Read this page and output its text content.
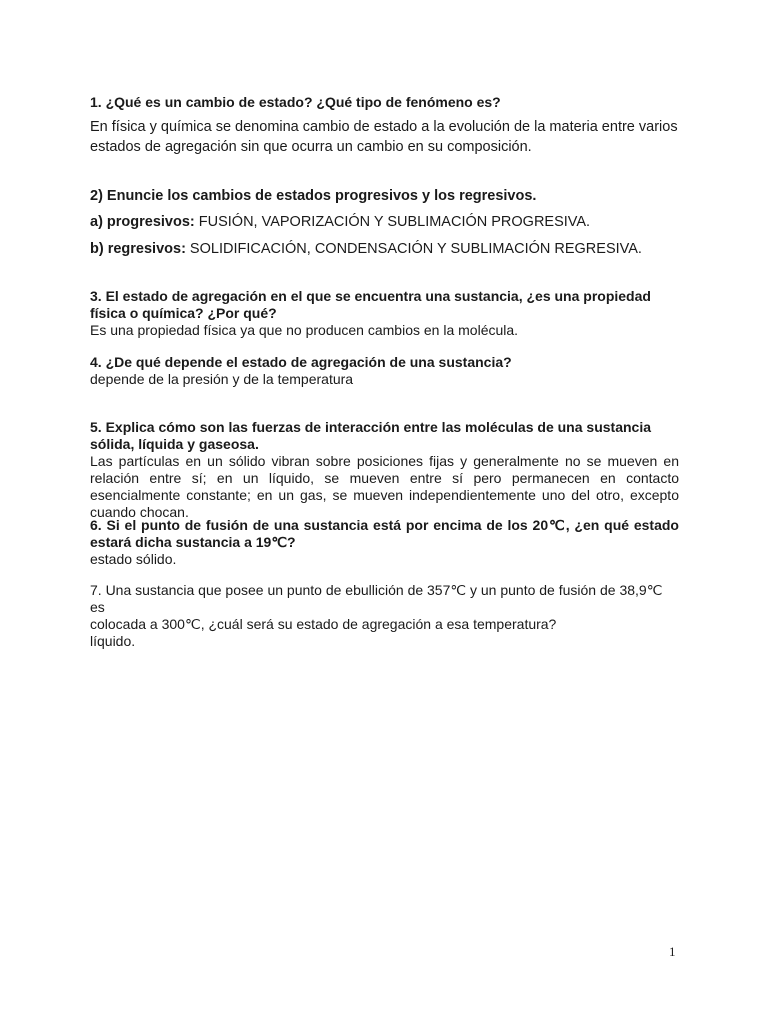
1. ¿Qué es un cambio de estado? ¿Qué tipo de fenómeno es?

En física y química se denomina cambio de estado a la evolución de la materia entre varios estados de agregación sin que ocurra un cambio en su composición.

2) Enuncie los cambios de estados progresivos y los regresivos.

a) progresivos: FUSIÓN, VAPORIZACIÓN Y SUBLIMACIÓN PROGRESIVA.

b) regresivos: SOLIDIFICACIÓN, CONDENSACIÓN Y SUBLIMACIÓN REGRESIVA.

3. El estado de agregación en el que se encuentra una sustancia, ¿es una propiedad física o química? ¿Por qué?

Es una propiedad física ya que no producen cambios en la molécula.

4. ¿De qué depende el estado de agregación de una sustancia?

depende de la presión y de la temperatura

5. Explica cómo son las fuerzas de interacción entre las moléculas de una sustancia sólida, líquida y gaseosa.

Las partículas en un sólido vibran sobre posiciones fijas y generalmente no se mueven en relación entre sí; en un líquido, se mueven entre sí pero permanecen en contacto esencialmente constante; en un gas, se mueven independientemente uno del otro, excepto cuando chocan.

6. Si el punto de fusión de una sustancia está por encima de los 20℃, ¿en qué estado estará dicha sustancia a 19℃?

estado sólido.

7. Una sustancia que posee un punto de ebullición de 357℃ y un punto de fusión de 38,9℃ es

colocada a 300℃, ¿cuál será su estado de agregación a esa temperatura?

líquido.

1
